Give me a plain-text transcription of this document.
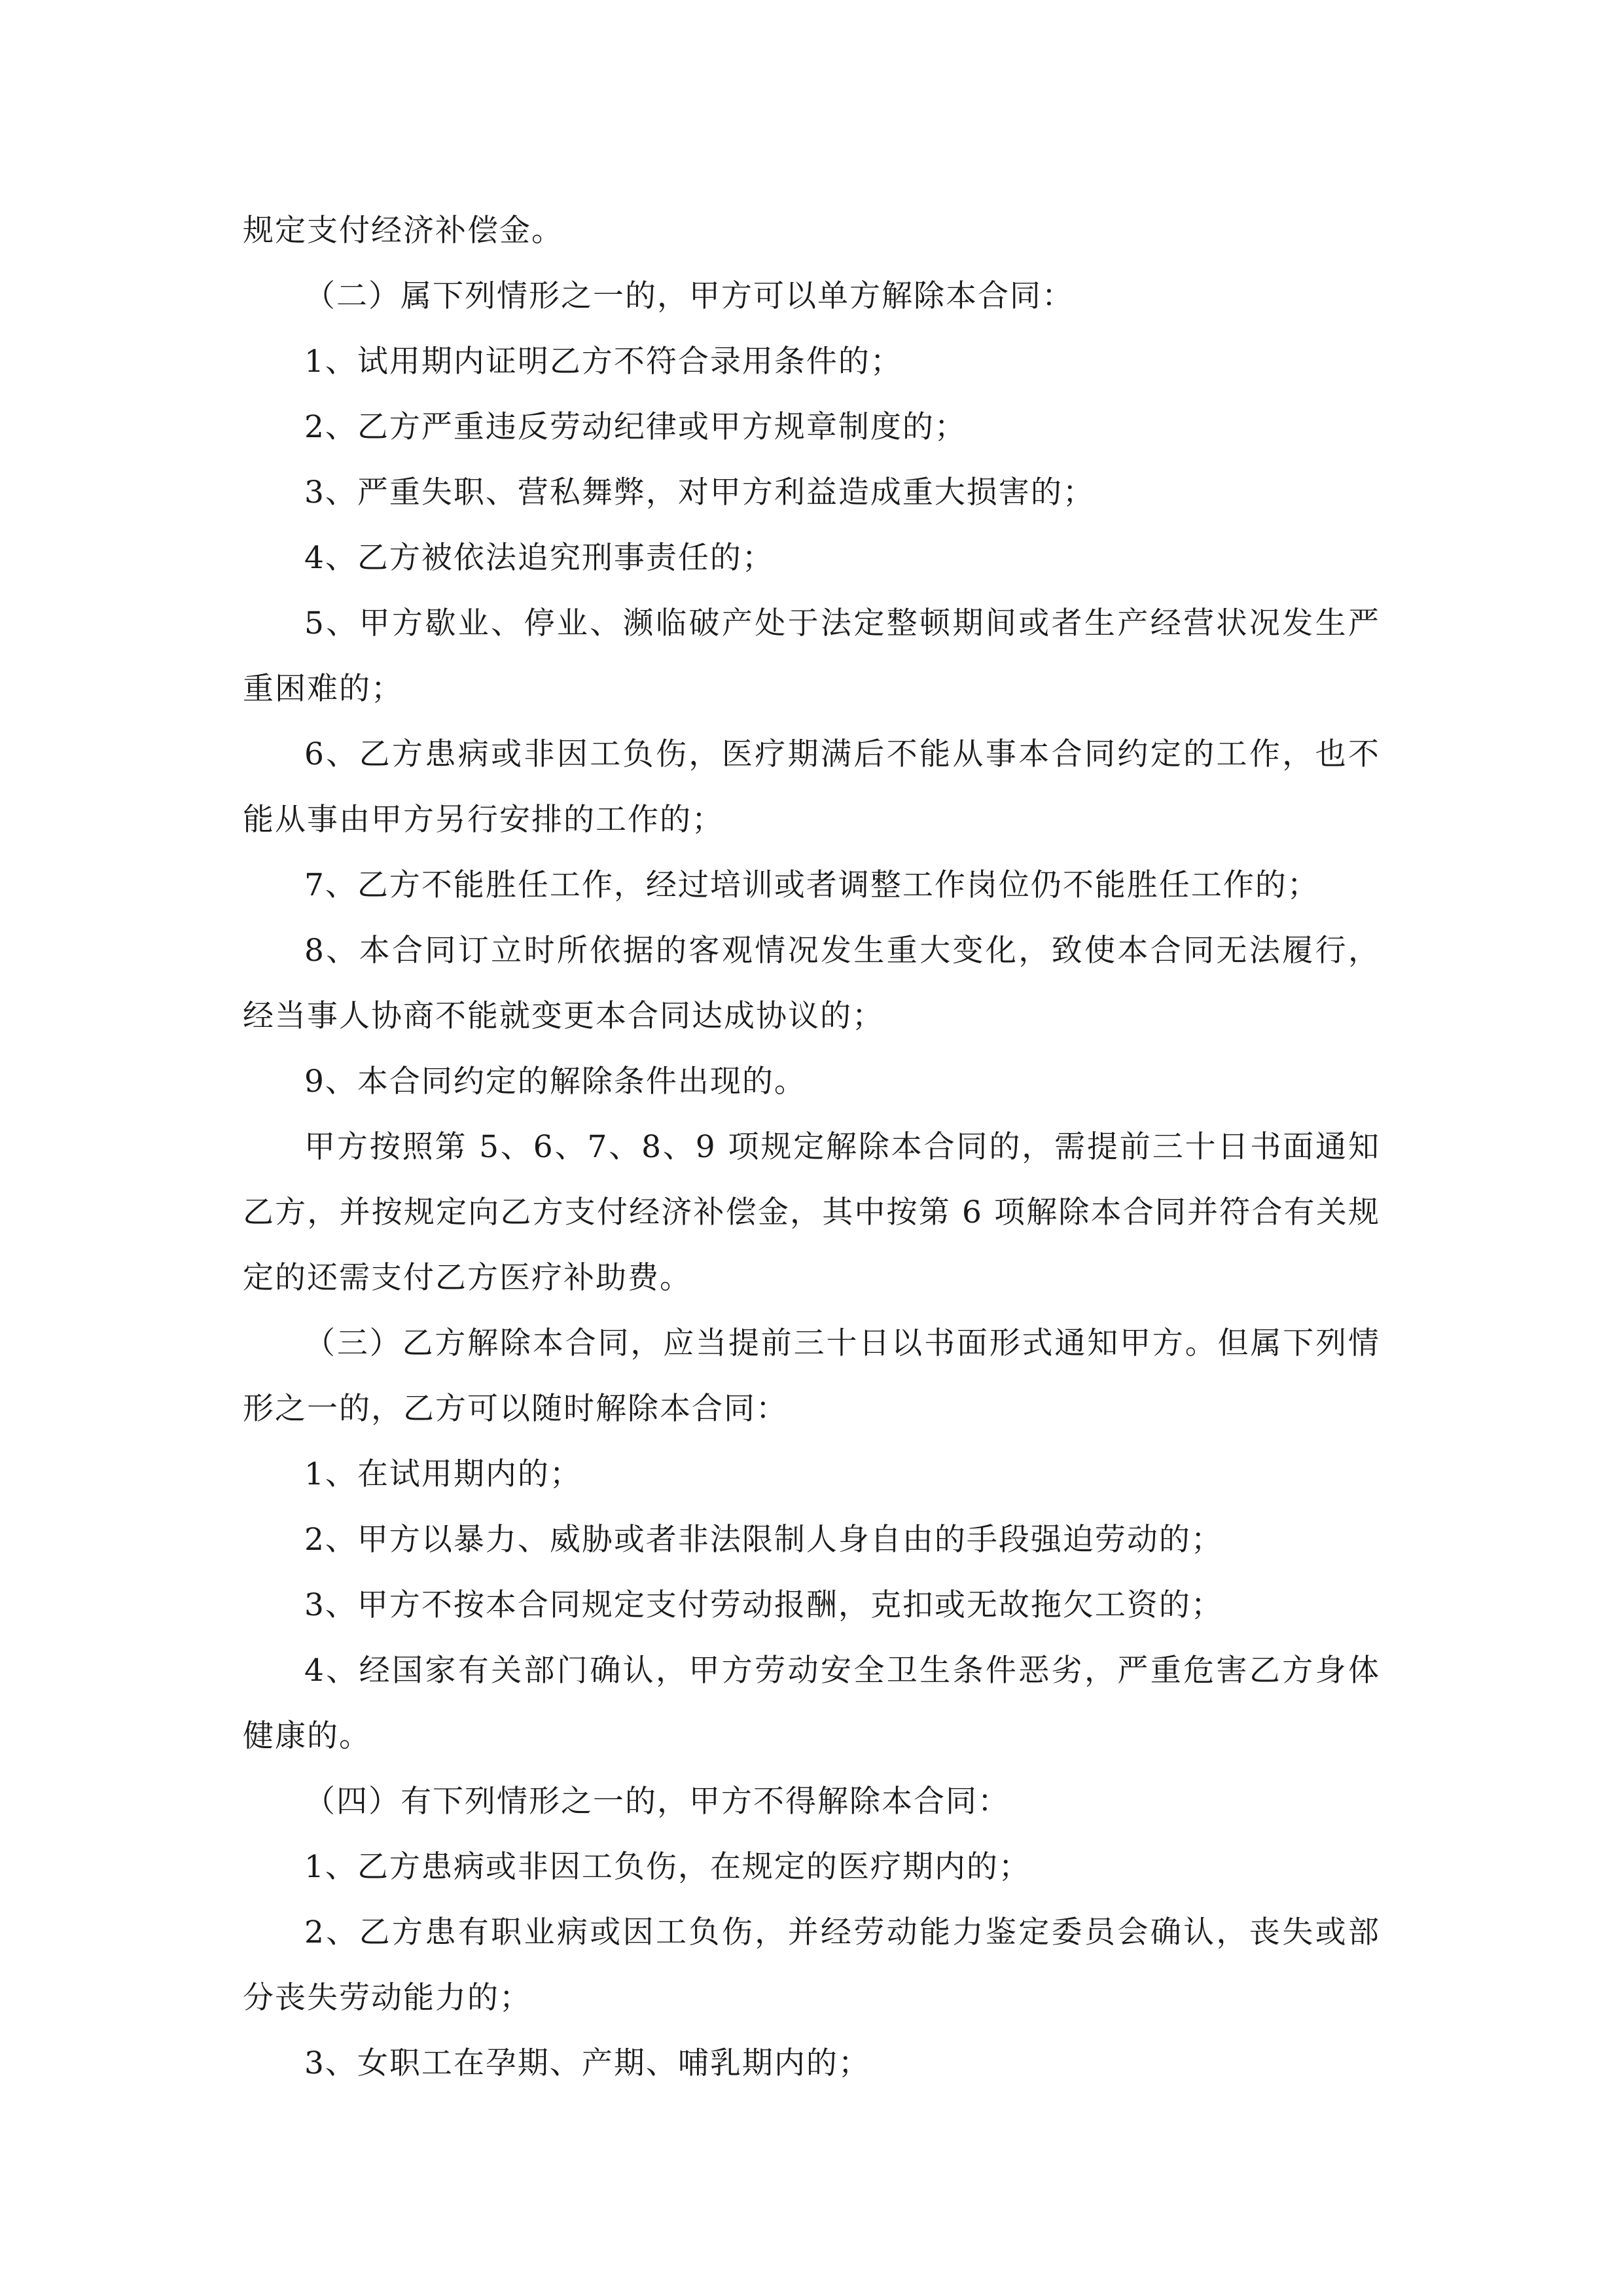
规定支付经济补偿金。

（二）属下列情形之一的，甲方可以单方解除本合同：

1、试用期内证明乙方不符合录用条件的；

2、乙方严重违反劳动纪律或甲方规章制度的；

3、严重失职、营私舞弊，对甲方利益造成重大损害的；

4、乙方被依法追究刑事责任的；

5、甲方歇业、停业、濒临破产处于法定整顿期间或者生产经营状况发生严重困难的；

6、乙方患病或非因工负伤，医疗期满后不能从事本合同约定的工作，也不能从事由甲方另行安排的工作的；

7、乙方不能胜任工作，经过培训或者调整工作岗位仍不能胜任工作的；

8、本合同订立时所依据的客观情况发生重大变化，致使本合同无法履行，经当事人协商不能就变更本合同达成协议的；

9、本合同约定的解除条件出现的。

甲方按照第 5、6、7、8、9 项规定解除本合同的，需提前三十日书面通知乙方，并按规定向乙方支付经济补偿金，其中按第 6 项解除本合同并符合有关规定的还需支付乙方医疗补助费。

（三）乙方解除本合同，应当提前三十日以书面形式通知甲方。但属下列情形之一的，乙方可以随时解除本合同：

1、在试用期内的；

2、甲方以暴力、威胁或者非法限制人身自由的手段强迫劳动的；

3、甲方不按本合同规定支付劳动报酬，克扣或无故拖欠工资的；

4、经国家有关部门确认，甲方劳动安全卫生条件恶劣，严重危害乙方身体健康的。

（四）有下列情形之一的，甲方不得解除本合同：

1、乙方患病或非因工负伤，在规定的医疗期内的；

2、乙方患有职业病或因工负伤，并经劳动能力鉴定委员会确认，丧失或部分丧失劳动能力的；

3、女职工在孕期、产期、哺乳期内的；
